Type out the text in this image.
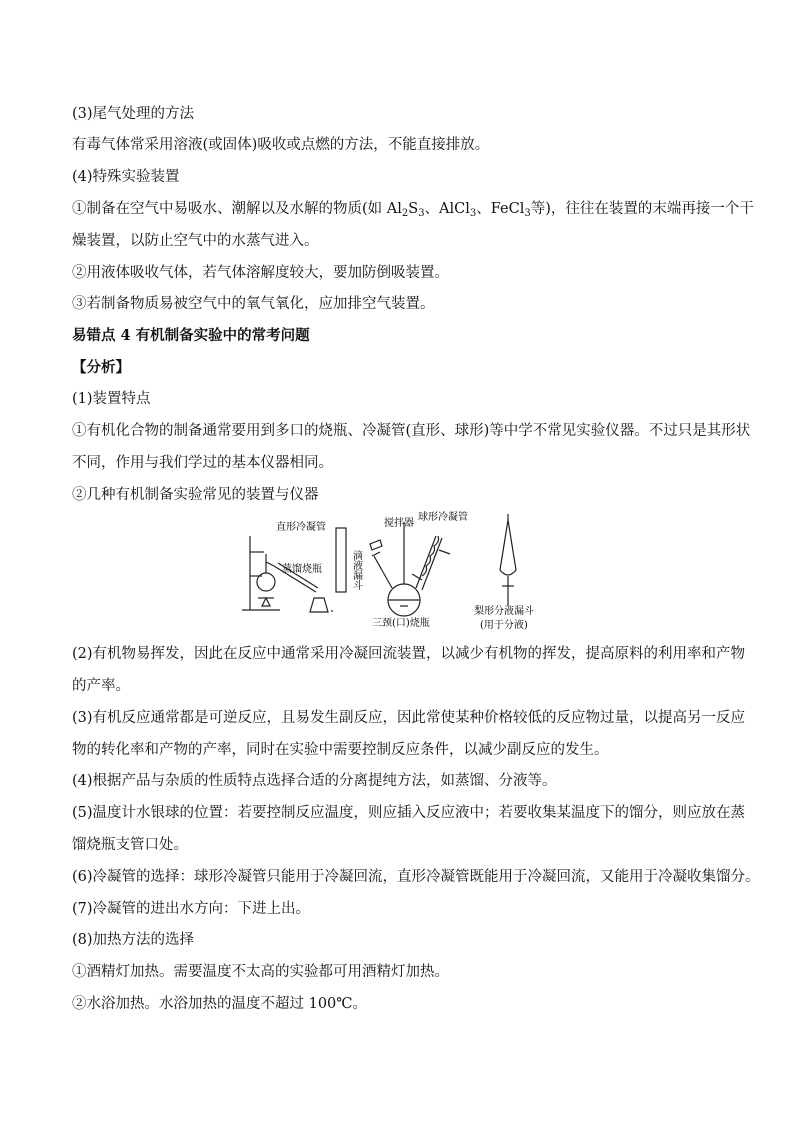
(3)尾气处理的方法
有毒气体常采用溶液(或固体)吸收或点燃的方法，不能直接排放。
(4)特殊实验装置
①制备在空气中易吸水、潮解以及水解的物质(如 $Al_2S_3$、AlCl$_3$、FeCl$_3$等)，往往在装置的末端再接一个干
燥装置，以防止空气中的水蒸气进入。
②用液体吸收气体，若气体溶解度较大，要加防倒吸装置。
③若制备物质易被空气中的氧气氧化，应加排空气装置。
易错点 4 有机制备实验中的常考问题
【分析】
(1)装置特点
①有机化合物的制备通常要用到多口的烧瓶、冷凝管(直形、球形)等中学不常见实验仪器。不过只是其形状
不同，作用与我们学过的基本仪器相同。
②几种有机制备实验常见的装置与仪器
直形冷凝管
蒸馏烧瓶	滴液漏斗
搅拌器
球形冷凝管
三颈(口)烧瓶
梨形分液漏斗
(用于分液)
(2)有机物易挥发，因此在反应中通常采用冷凝回流装置，以减少有机物的挥发，提高原料的利用率和产物
的产率。
(3)有机反应通常都是可逆反应，且易发生副反应，因此常使某种价格较低的反应物过量，以提高另一反应
物的转化率和产物的产率，同时在实验中需要控制反应条件，以减少副反应的发生。
(4)根据产品与杂质的性质特点选择合适的分离提纯方法，如蒸馏、分液等。
(5)温度计水银球的位置：若要控制反应温度，则应插入反应液中；若要收集某温度下的馏分，则应放在蒸
馏烧瓶支管口处。
(6)冷凝管的选择：球形冷凝管只能用于冷凝回流，直形冷凝管既能用于冷凝回流，又能用于冷凝收集馏分。
(7)冷凝管的进出水方向：下进上出。
(8)加热方法的选择
①酒精灯加热。需要温度不太高的实验都可用酒精灯加热。
②水浴加热。水浴加热的温度不超过 100℃。
